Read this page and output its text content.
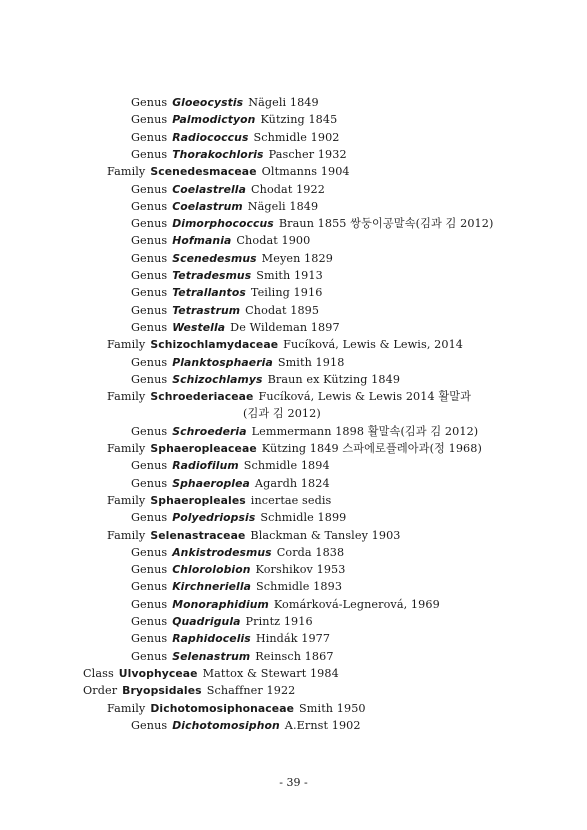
Genus Gloeocystis Nägeli 1849
Genus Palmodictyon Kützing 1845
Genus Radiococcus Schmidle 1902
Genus Thorakochloris Pascher 1932
Family Scenedesmaceae Oltmanns 1904
Genus Coelastrella Chodat 1922
Genus Coelastrum Nägeli 1849
Genus Dimorphococcus Braun 1855 쌍둥이공말속(김과 김 2012)
Genus Hofmania Chodat 1900
Genus Scenedesmus Meyen 1829
Genus Tetradesmus Smith 1913
Genus Tetrallantos Teiling 1916
Genus Tetrastrum Chodat 1895
Genus Westella De Wildeman 1897
Family Schizochlamydaceae Fucíková, Lewis & Lewis, 2014
Genus Planktosphaeria Smith 1918
Genus Schizochlamys Braun ex Kützing 1849
Family Schroederiaceae Fucíková, Lewis & Lewis 2014 활말과
(김과 김 2012)
Genus Schroederia Lemmermann 1898 활말속(김과 김 2012)
Family Sphaeropleaceae Kützing 1849 스파에로플레아과(정 1968)
Genus Radiofilum Schmidle 1894
Genus Sphaeroplea Agardh 1824
Family Sphaeropleales incertae sedis
Genus Polyedriopsis Schmidle 1899
Family Selenastraceae Blackman & Tansley 1903
Genus Ankistrodesmus Corda 1838
Genus Chlorolobion Korshikov 1953
Genus Kirchneriella Schmidle 1893
Genus Monoraphidium Komárková-Legnerová, 1969
Genus Quadrigula Printz 1916
Genus Raphidocelis Hindák 1977
Genus Selenastrum Reinsch 1867
Class Ulvophyceae Mattox & Stewart 1984
Order Bryopsidales Schaffner 1922
Family Dichotomosiphonaceae Smith 1950
Genus Dichotomosiphon A.Ernst 1902
- 39 -
